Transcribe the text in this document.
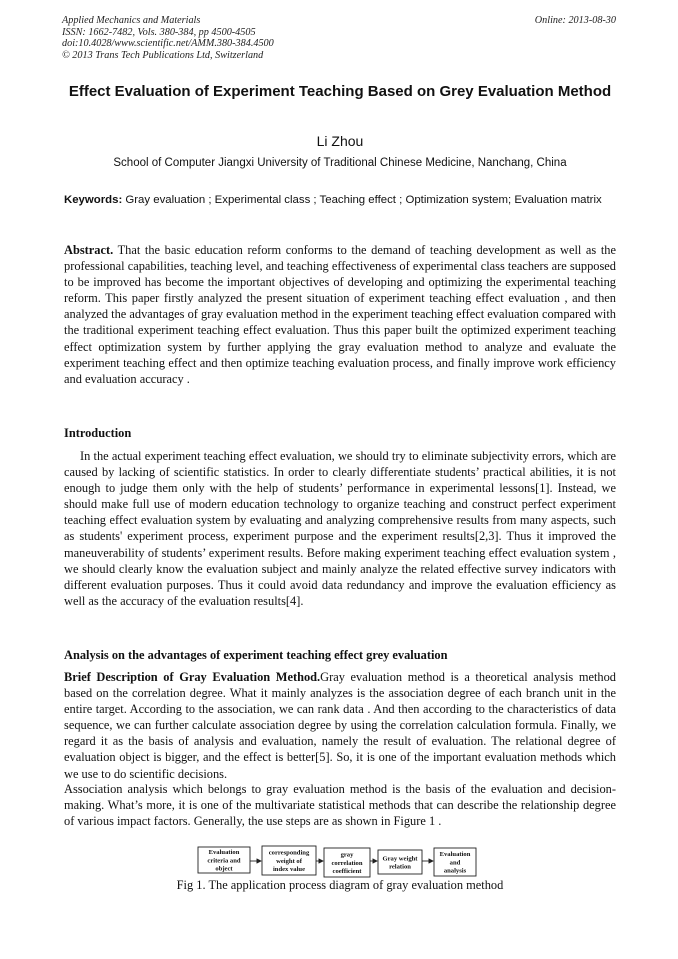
Applied Mechanics and Materials
ISSN: 1662-7482, Vols. 380-384, pp 4500-4505
doi:10.4028/www.scientific.net/AMM.380-384.4500
© 2013 Trans Tech Publications Ltd, Switzerland
Online: 2013-08-30
Effect Evaluation of Experiment Teaching Based on Grey Evaluation Method
Li Zhou
School of Computer Jiangxi University of Traditional Chinese Medicine, Nanchang, China
Keywords: Gray evaluation ; Experimental class ; Teaching effect ; Optimization system; Evaluation matrix
Abstract. That the basic education reform conforms to the demand of teaching development as well as the professional capabilities, teaching level, and teaching effectiveness of experimental class teachers are supposed to be improved has become the important objectives of developing and optimizing the experimental teaching reform. This paper firstly analyzed the present situation of experiment teaching effect evaluation , and then analyzed the advantages of gray evaluation method in the experiment teaching effect evaluation compared with the traditional experiment teaching effect evaluation. Thus this paper built the optimized experiment teaching effect optimization system by further applying the gray evaluation method to analyze and evaluate the experiment teaching effect and then optimize teaching evaluation process, and finally improve work efficiency and evaluation accuracy .
Introduction
In the actual experiment teaching effect evaluation, we should try to eliminate subjectivity errors, which are caused by lacking of scientific statistics. In order to clearly differentiate students’ practical abilities, it is not enough to judge them only with the help of students’ performance in experimental lessons[1]. Instead, we should make full use of modern education technology to organize teaching and construct perfect experiment teaching effect evaluation system by evaluating and analyzing comprehensive results from many aspects, such as students' experiment process, experiment purpose and the experiment results[2,3]. Thus it improved the maneuverability of students’ experiment results. Before making experiment teaching effect evaluation system , we should clearly know the evaluation subject and mainly analyze the related effective survey indicators with different evaluation purposes. Thus it could avoid data redundancy and improve the evaluation efficiency as well as the accuracy of the evaluation results[4].
Analysis on the advantages of experiment teaching effect grey evaluation
Brief Description of Gray Evaluation Method.Gray evaluation method is a theoretical analysis method based on the correlation degree. What it mainly analyzes is the association degree of each branch unit in the entire target. According to the association, we can rank data . And then according to the characteristics of data sequence, we can further calculate association degree by using the correlation calculation formula. Finally, we regard it as the basis of analysis and evaluation, namely the result of evaluation. The relational degree of evaluation object is bigger, and the effect is better[5]. So, it is one of the important evaluation methods which we use to do scientific decisions.
Association analysis which belongs to gray evaluation method is the basis of the evaluation and decision-making. What’s more, it is one of the multivariate statistical methods that can describe the relationship degree of various impact factors. Generally, the use steps are as shown in Figure 1 .
Evaluation
criteria and
object
corresponding
weight of
index value
gray
correlation
coefficient
Gray weight
relation
Evaluation
and
analysis
Fig 1. The application process diagram of gray evaluation method
